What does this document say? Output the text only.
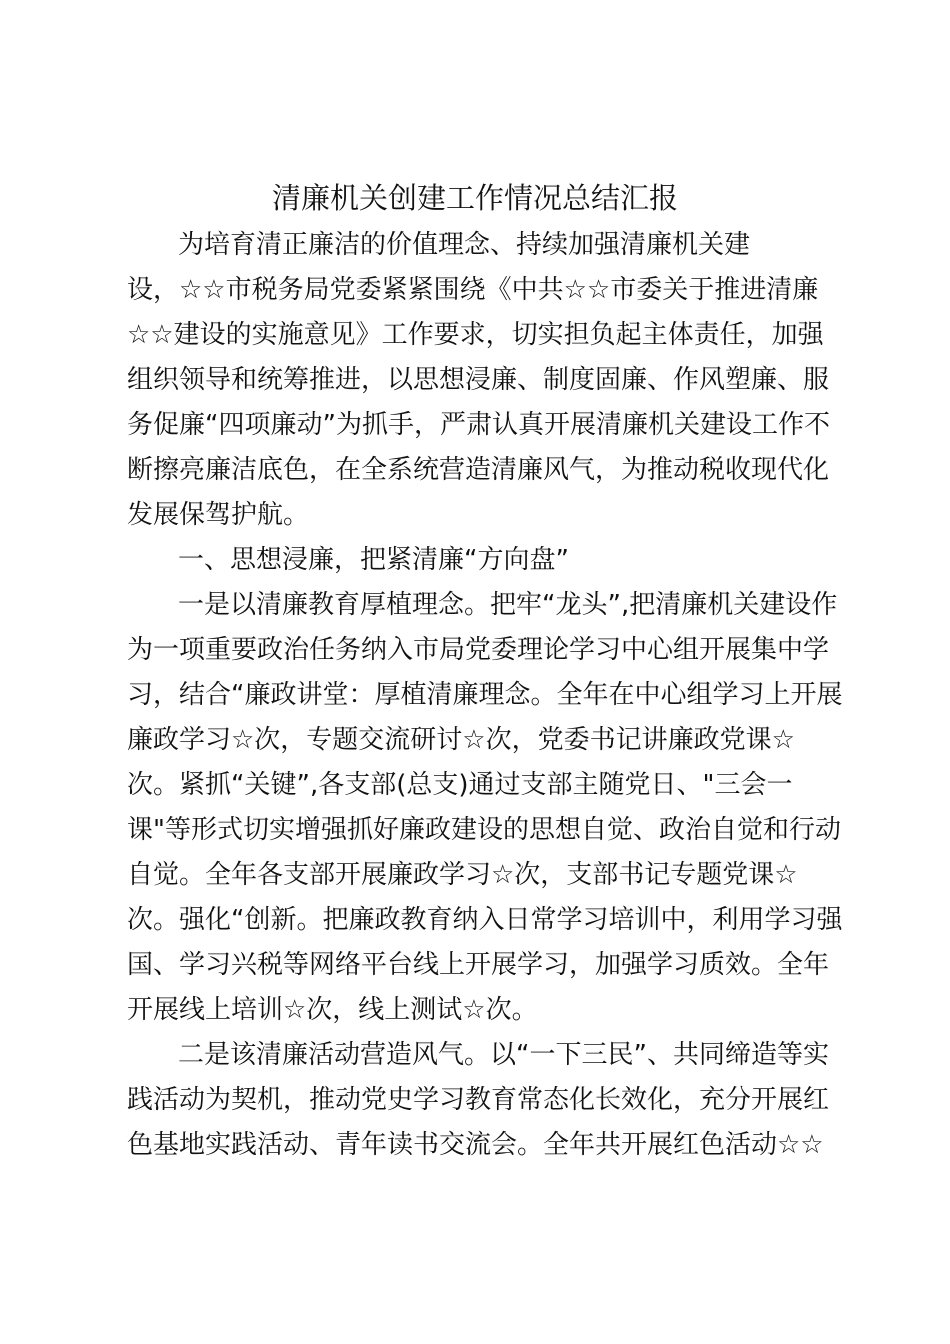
清廉机关创建工作情况总结汇报
为培育清正廉洁的价值理念、持续加强清廉机关建
设，☆☆市税务局党委紧紧围绕《中共☆☆市委关于推进清廉
☆☆建设的实施意见》工作要求，切实担负起主体责任，加强
组织领导和统筹推进，以思想浸廉、制度固廉、作风塑廉、服
务促廉“四项廉动”为抓手，严肃认真开展清廉机关建设工作不
断擦亮廉洁底色，在全系统营造清廉风气，为推动税收现代化
发展保驾护航。
一、思想浸廉，把紧清廉“方向盘”
一是以清廉教育厚植理念。把牢“龙头”,把清廉机关建设作
为一项重要政治任务纳入市局党委理论学习中心组开展集中学
习，结合“廉政讲堂：厚植清廉理念。全年在中心组学习上开展
廉政学习☆次，专题交流研讨☆次，党委书记讲廉政党课☆
次。紧抓“关键”,各支部(总支)通过支部主随党日、"三会一
课"等形式切实增强抓好廉政建设的思想自觉、政治自觉和行动
自觉。全年各支部开展廉政学习☆次，支部书记专题党课☆
次。强化“创新。把廉政教育纳入日常学习培训中，利用学习强
国、学习兴税等网络平台线上开展学习，加强学习质效。全年
开展线上培训☆次，线上测试☆次。
二是该清廉活动营造风气。以“一下三民”、共同缔造等实
践活动为契机，推动党史学习教育常态化长效化，充分开展红
色基地实践活动、青年读书交流会。全年共开展红色活动☆☆
